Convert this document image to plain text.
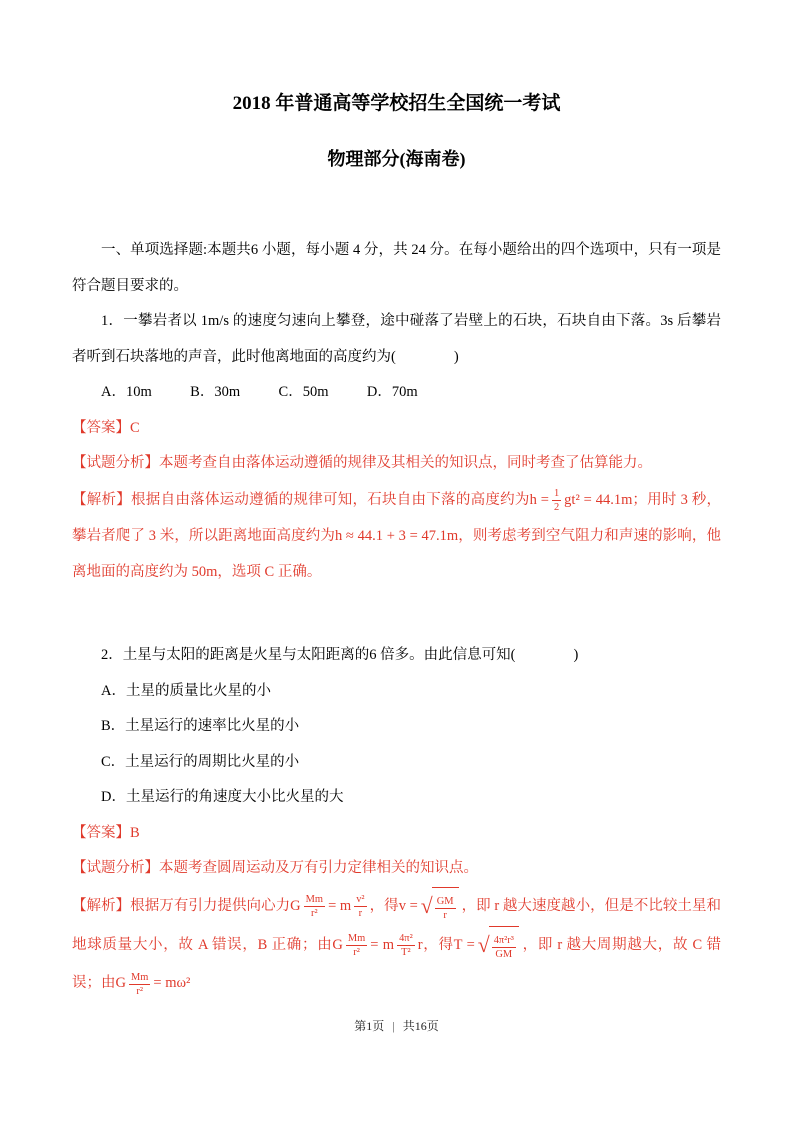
2018 年普通高等学校招生全国统一考试
物理部分(海南卷)

一、单项选择题:本题共6 小题，每小题 4 分，共 24 分。在每小题给出的四个选项中，只有一项是符合题目要求的。

1．一攀岩者以 1m/s 的速度匀速向上攀登，途中碰落了岩壁上的石块，石块自由下落。3s 后攀岩者听到石块落地的声音，此时他离地面的高度约为(　　　　)

A．10m	B．30m	C．50m	D．70m

【答案】C

【试题分析】本题考查自由落体运动遵循的规律及其相关的知识点，同时考查了估算能力。

【解析】根据自由落体运动遵循的规律可知，石块自由下落的高度约为$h = \frac{1}{2} gt^2 = 44.1m$；用时 3 秒，攀岩者爬了 3 米，所以距离地面高度约为h ≈ 44.1 + 3 = 47.1m，则考虑考到空气阻力和声速的影响，他离地面的高度约为 50m，选项 C 正确。

2．土星与太阳的距离是火星与太阳距离的6 倍多。由此信息可知(　　　　)

A．土星的质量比火星的小

B．土星运行的速率比火星的小

C．土星运行的周期比火星的小

D．土星运行的角速度大小比火星的大

【答案】B

【试题分析】本题考查圆周运动及万有引力定律相关的知识点。

【解析】根据万有引力提供向心力G $\frac{Mm}{\text{r²}} = m \frac{\text{v²}}{r}$ ，得v = √ $\frac{GM}{r}$ ，即 r 越大速度越小，但是不比较土星和地球质量大小，故 A 错误，B 正确；由G $\frac{Mm}{\text{r²}} = m \frac{\text{4π²}}{\text{T²}}$ r，得T = √ $\frac{\text{4π²r³}}{GM}$ ，即 r 越大周期越大，故 C 错误；由G $\frac{Mm}{\text{r²}} = m\omega^2$

第1页 | 共16页
